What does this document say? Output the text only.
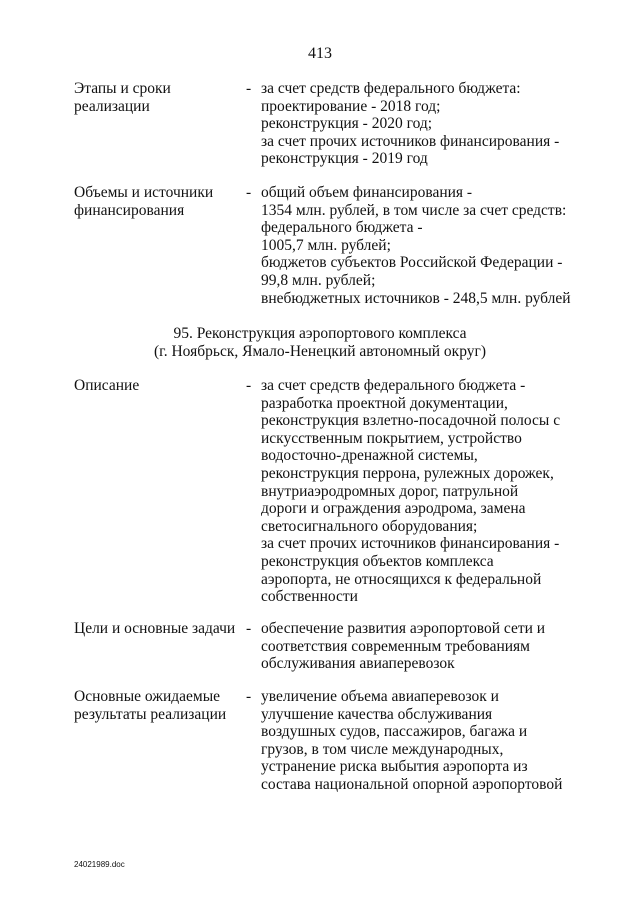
413
Этапы и сроки
реализации
- за счет средств федерального бюджета:
проектирование - 2018 год;
реконструкция - 2020 год;
за счет прочих источников финансирования -
реконструкция - 2019 год
Объемы и источники
финансирования
- общий объем финансирования -
1354 млн. рублей, в том числе за счет средств:
федерального бюджета -
1005,7 млн. рублей;
бюджетов субъектов Российской Федерации -
99,8 млн. рублей;
внебюджетных источников - 248,5 млн. рублей
95. Реконструкция аэропортового комплекса
(г. Ноябрьск, Ямало-Ненецкий автономный округ)
Описание	- за счет средств федерального бюджета -
разработка проектной документации,
реконструкция взлетно-посадочной полосы с
искусственным покрытием, устройство
водосточно-дренажной системы,
реконструкция перрона, рулежных дорожек,
внутриаэродромных дорог, патрульной
дороги и ограждения аэродрома, замена
светосигнального оборудования;
за счет прочих источников финансирования -
реконструкция объектов комплекса
аэропорта, не относящихся к федеральной
собственности
Цели и основные задачи - обеспечение развития аэропортовой сети и
соответствия современным требованиям
обслуживания авиаперевозок
Основные ожидаемые
результаты реализации
- увеличение объема авиаперевозок и
улучшение качества обслуживания
воздушных судов, пассажиров, багажа и
грузов, в том числе международных,
устранение риска выбытия аэропорта из
состава национальной опорной аэропортовой
24021989.doc
